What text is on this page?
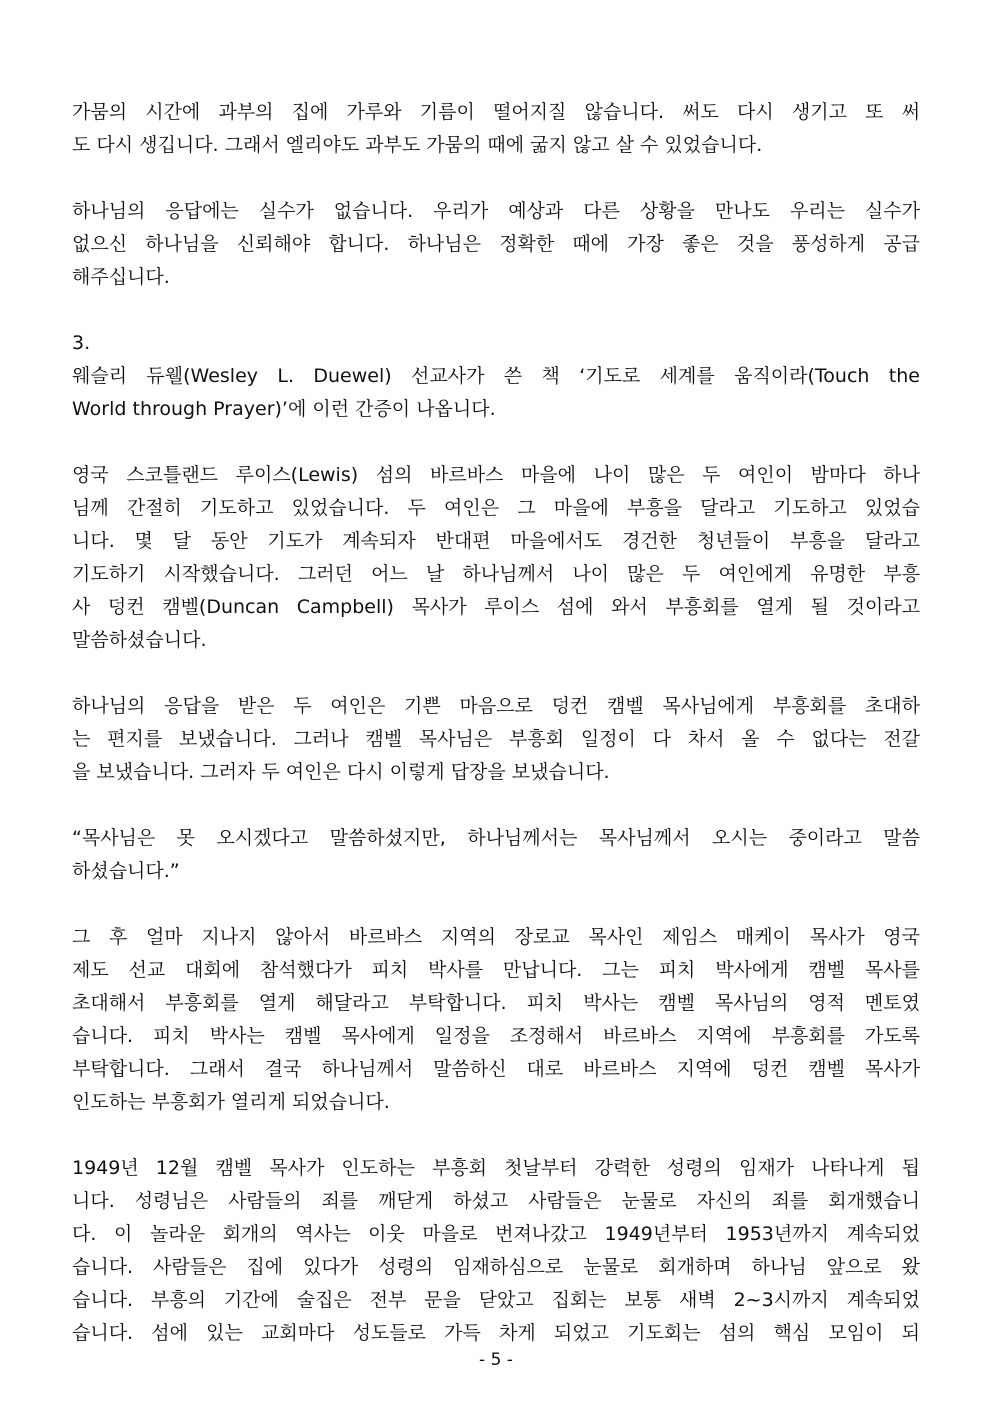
가뭄의 시간에 과부의 집에 가루와 기름이 떨어지질 않습니다. 써도 다시 생기고 또 써
도 다시 생깁니다. 그래서 엘리야도 과부도 가뭄의 때에 굶지 않고 살 수 있었습니다.
하나님의 응답에는 실수가 없습니다. 우리가 예상과 다른 상황을 만나도 우리는 실수가
없으신 하나님을 신뢰해야 합니다. 하나님은 정확한 때에 가장 좋은 것을 풍성하게 공급
해주십니다.
3.
웨슬리 듀웰(Wesley L. Duewel) 선교사가 쓴 책 ‘기도로 세계를 움직이라(Touch the
World through Prayer)’에 이런 간증이 나옵니다.
영국 스코틀랜드 루이스(Lewis) 섬의 바르바스 마을에 나이 많은 두 여인이 밤마다 하나
님께 간절히 기도하고 있었습니다. 두 여인은 그 마을에 부흥을 달라고 기도하고 있었습
니다. 몇 달 동안 기도가 계속되자 반대편 마을에서도 경건한 청년들이 부흥을 달라고
기도하기 시작했습니다. 그러던 어느 날 하나님께서 나이 많은 두 여인에게 유명한 부흥
사 덩컨 캠벨(Duncan Campbell) 목사가 루이스 섬에 와서 부흥회를 열게 될 것이라고
말씀하셨습니다.
하나님의 응답을 받은 두 여인은 기쁜 마음으로 덩컨 캠벨 목사님에게 부흥회를 초대하
는 편지를 보냈습니다. 그러나 캠벨 목사님은 부흥회 일정이 다 차서 올 수 없다는 전갈
을 보냈습니다. 그러자 두 여인은 다시 이렇게 답장을 보냈습니다.
“목사님은 못 오시겠다고 말씀하셨지만, 하나님께서는 목사님께서 오시는 중이라고 말씀
하셨습니다.”
그 후 얼마 지나지 않아서 바르바스 지역의 장로교 목사인 제임스 매케이 목사가 영국
제도 선교 대회에 참석했다가 피치 박사를 만납니다. 그는 피치 박사에게 캠벨 목사를
초대해서 부흥회를 열게 해달라고 부탁합니다. 피치 박사는 캠벨 목사님의 영적 멘토였
습니다. 피치 박사는 캠벨 목사에게 일정을 조정해서 바르바스 지역에 부흥회를 가도록
부탁합니다. 그래서 결국 하나님께서 말씀하신 대로 바르바스 지역에 덩컨 캠벨 목사가
인도하는 부흥회가 열리게 되었습니다.
1949년 12월 캠벨 목사가 인도하는 부흥회 첫날부터 강력한 성령의 임재가 나타나게 됩
니다. 성령님은 사람들의 죄를 깨닫게 하셨고 사람들은 눈물로 자신의 죄를 회개했습니
다. 이 놀라운 회개의 역사는 이웃 마을로 번져나갔고 1949년부터 1953년까지 계속되었
습니다. 사람들은 집에 있다가 성령의 임재하심으로 눈물로 회개하며 하나님 앞으로 왔
습니다. 부흥의 기간에 술집은 전부 문을 닫았고 집회는 보통 새벽 2~3시까지 계속되었
습니다. 섬에 있는 교회마다 성도들로 가득 차게 되었고 기도회는 섬의 핵심 모임이 되
- 5 -
